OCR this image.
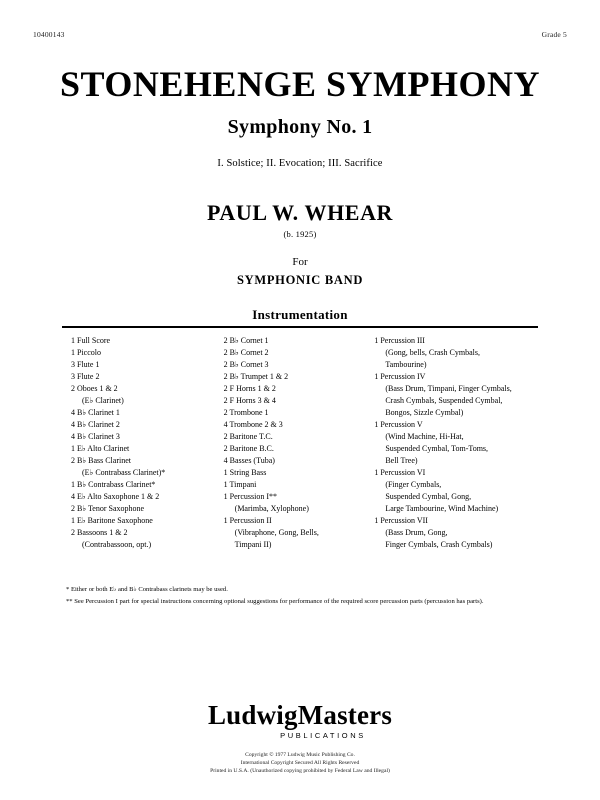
10400143	Grade 5
STONEHENGE SYMPHONY
Symphony No. 1
I. Solstice; II. Evocation; III. Sacrifice
PAUL W. WHEAR
(b. 1925)
For
SYMPHONIC BAND
Instrumentation
1 Full Score
1 Piccolo
3 Flute 1
3 Flute 2
2 Oboes 1 & 2
(E♭ Clarinet)
4 B♭ Clarinet 1
4 B♭ Clarinet 2
4 B♭ Clarinet 3
1 E♭ Alto Clarinet
2 B♭ Bass Clarinet
(E♭ Contrabass Clarinet)*
1 B♭ Contrabass Clarinet*
4 E♭ Alto Saxophone 1 & 2
2 B♭ Tenor Saxophone
1 E♭ Baritone Saxophone
2 Bassoons 1 & 2
(Contrabassoon, opt.)
2 B♭ Cornet 1
2 B♭ Cornet 2
2 B♭ Cornet 3
2 B♭ Trumpet 1 & 2
2 F Horns 1 & 2
2 F Horns 3 & 4
2 Trombone 1
4 Trombone 2 & 3
2 Baritone T.C.
2 Baritone B.C.
4 Basses (Tuba)
1 String Bass
1 Timpani
1 Percussion I**
(Marimba, Xylophone)
1 Percussion II
(Vibraphone, Gong, Bells,
Timpani II)
1 Percussion III
(Gong, bells, Crash Cymbals,
Tambourine)
1 Percussion IV
(Bass Drum, Timpani, Finger Cymbals,
Crash Cymbals, Suspended Cymbal,
Bongos, Sizzle Cymbal)
1 Percussion V
(Wind Machine, Hi-Hat,
Suspended Cymbal, Tom-Toms,
Bell Tree)
1 Percussion VI
(Finger Cymbals,
Suspended Cymbal, Gong,
Large Tambourine, Wind Machine)
1 Percussion VII
(Bass Drum, Gong,
Finger Cymbals, Crash Cymbals)
* Either or both E♭ and B♭ Contrabass clarinets may be used.
** See Percussion I part for special instructions concerning optional suggestions for performance of the required score percussion parts (percussion has parts).
LudwigMasters
PUBLICATIONS
Copyright © 1977 Ludwig Music Publishing Co.
International Copyright Secured All Rights Reserved
Printed in U.S.A. (Unauthorized copying prohibited by Federal Law and Illegal)
